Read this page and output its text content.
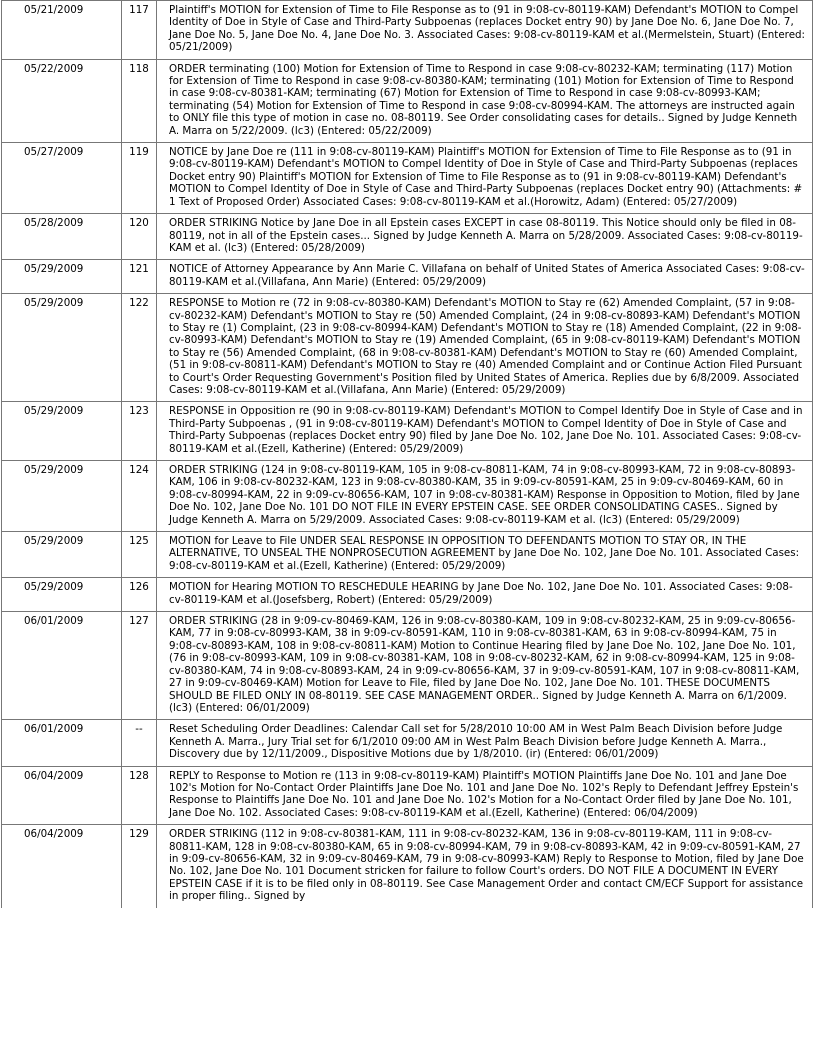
05/21/2009	117	Plaintiff's MOTION for Extension of Time to File Response as to (91 in 9:08-cv-80119-KAM) Defendant's MOTION to Compel Identity of Doe in Style of Case and Third-Party Subpoenas (replaces Docket entry 90) by Jane Doe No. 6, Jane Doe No. 7, Jane Doe No. 5, Jane Doe No. 4, Jane Doe No. 3. Associated Cases: 9:08-cv-80119-KAM et al.(Mermelstein, Stuart) (Entered: 05/21/2009)
05/22/2009	118	ORDER terminating (100) Motion for Extension of Time to Respond in case 9:08-cv-80232-KAM; terminating (117) Motion for Extension of Time to Respond in case 9:08-cv-80380-KAM; terminating (101) Motion for Extension of Time to Respond in case 9:08-cv-80381-KAM; terminating (67) Motion for Extension of Time to Respond in case 9:08-cv-80993-KAM; terminating (54) Motion for Extension of Time to Respond in case 9:08-cv-80994-KAM. The attorneys are instructed again to ONLY file this type of motion in case no. 08-80119. See Order consolidating cases for details.. Signed by Judge Kenneth A. Marra on 5/22/2009. (lc3) (Entered: 05/22/2009)
05/27/2009	119	NOTICE by Jane Doe re (111 in 9:08-cv-80119-KAM) Plaintiff's MOTION for Extension of Time to File Response as to (91 in 9:08-cv-80119-KAM) Defendant's MOTION to Compel Identity of Doe in Style of Case and Third-Party Subpoenas (replaces Docket entry 90) Plaintiff's MOTION for Extension of Time to File Response as to (91 in 9:08-cv-80119-KAM) Defendant's MOTION to Compel Identity of Doe in Style of Case and Third-Party Subpoenas (replaces Docket entry 90) (Attachments: # 1 Text of Proposed Order) Associated Cases: 9:08-cv-80119-KAM et al.(Horowitz, Adam) (Entered: 05/27/2009)
05/28/2009	120	ORDER STRIKING Notice by Jane Doe in all Epstein cases EXCEPT in case 08-80119. This Notice should only be filed in 08-80119, not in all of the Epstein cases... Signed by Judge Kenneth A. Marra on 5/28/2009. Associated Cases: 9:08-cv-80119-KAM et al. (lc3) (Entered: 05/28/2009)
05/29/2009	121	NOTICE of Attorney Appearance by Ann Marie C. Villafana on behalf of United States of America Associated Cases: 9:08-cv-80119-KAM et al.(Villafana, Ann Marie) (Entered: 05/29/2009)
05/29/2009	122	RESPONSE to Motion re (72 in 9:08-cv-80380-KAM) Defendant's MOTION to Stay re (62) Amended Complaint, (57 in 9:08-cv-80232-KAM) Defendant's MOTION to Stay re (50) Amended Complaint, (24 in 9:08-cv-80893-KAM) Defendant's MOTION to Stay re (1) Complaint, (23 in 9:08-cv-80994-KAM) Defendant's MOTION to Stay re (18) Amended Complaint, (22 in 9:08-cv-80993-KAM) Defendant's MOTION to Stay re (19) Amended Complaint, (65 in 9:08-cv-80119-KAM) Defendant's MOTION to Stay re (56) Amended Complaint, (68 in 9:08-cv-80381-KAM) Defendant's MOTION to Stay re (60) Amended Complaint, (51 in 9:08-cv-80811-KAM) Defendant's MOTION to Stay re (40) Amended Complaint and or Continue Action Filed Pursuant to Court's Order Requesting Government's Position filed by United States of America. Replies due by 6/8/2009. Associated Cases: 9:08-cv-80119-KAM et al.(Villafana, Ann Marie) (Entered: 05/29/2009)
05/29/2009	123	RESPONSE in Opposition re (90 in 9:08-cv-80119-KAM) Defendant's MOTION to Compel Identify Doe in Style of Case and in Third-Party Subpoenas , (91 in 9:08-cv-80119-KAM) Defendant's MOTION to Compel Identity of Doe in Style of Case and Third-Party Subpoenas (replaces Docket entry 90) filed by Jane Doe No. 102, Jane Doe No. 101. Associated Cases: 9:08-cv-80119-KAM et al.(Ezell, Katherine) (Entered: 05/29/2009)
05/29/2009	124	ORDER STRIKING (124 in 9:08-cv-80119-KAM, 105 in 9:08-cv-80811-KAM, 74 in 9:08-cv-80993-KAM, 72 in 9:08-cv-80893-KAM, 106 in 9:08-cv-80232-KAM, 123 in 9:08-cv-80380-KAM, 35 in 9:09-cv-80591-KAM, 25 in 9:09-cv-80469-KAM, 60 in 9:08-cv-80994-KAM, 22 in 9:09-cv-80656-KAM, 107 in 9:08-cv-80381-KAM) Response in Opposition to Motion, filed by Jane Doe No. 102, Jane Doe No. 101 DO NOT FILE IN EVERY EPSTEIN CASE. SEE ORDER CONSOLIDATING CASES.. Signed by Judge Kenneth A. Marra on 5/29/2009. Associated Cases: 9:08-cv-80119-KAM et al. (lc3) (Entered: 05/29/2009)
05/29/2009	125	MOTION for Leave to File UNDER SEAL RESPONSE IN OPPOSITION TO DEFENDANTS MOTION TO STAY OR, IN THE ALTERNATIVE, TO UNSEAL THE NONPROSECUTION AGREEMENT by Jane Doe No. 102, Jane Doe No. 101. Associated Cases: 9:08-cv-80119-KAM et al.(Ezell, Katherine) (Entered: 05/29/2009)
05/29/2009	126	MOTION for Hearing MOTION TO RESCHEDULE HEARING by Jane Doe No. 102, Jane Doe No. 101. Associated Cases: 9:08-cv-80119-KAM et al.(Josefsberg, Robert) (Entered: 05/29/2009)
06/01/2009	127	ORDER STRIKING (28 in 9:09-cv-80469-KAM, 126 in 9:08-cv-80380-KAM, 109 in 9:08-cv-80232-KAM, 25 in 9:09-cv-80656-KAM, 77 in 9:08-cv-80993-KAM, 38 in 9:09-cv-80591-KAM, 110 in 9:08-cv-80381-KAM, 63 in 9:08-cv-80994-KAM, 75 in 9:08-cv-80893-KAM, 108 in 9:08-cv-80811-KAM) Motion to Continue Hearing filed by Jane Doe No. 102, Jane Doe No. 101, (76 in 9:08-cv-80993-KAM, 109 in 9:08-cv-80381-KAM, 108 in 9:08-cv-80232-KAM, 62 in 9:08-cv-80994-KAM, 125 in 9:08-cv-80380-KAM, 74 in 9:08-cv-80893-KAM, 24 in 9:09-cv-80656-KAM, 37 in 9:09-cv-80591-KAM, 107 in 9:08-cv-80811-KAM, 27 in 9:09-cv-80469-KAM) Motion for Leave to File, filed by Jane Doe No. 102, Jane Doe No. 101. THESE DOCUMENTS SHOULD BE FILED ONLY IN 08-80119. SEE CASE MANAGEMENT ORDER.. Signed by Judge Kenneth A. Marra on 6/1/2009. (lc3) (Entered: 06/01/2009)
06/01/2009	--	Reset Scheduling Order Deadlines: Calendar Call set for 5/28/2010 10:00 AM in West Palm Beach Division before Judge Kenneth A. Marra., Jury Trial set for 6/1/2010 09:00 AM in West Palm Beach Division before Judge Kenneth A. Marra., Discovery due by 12/11/2009., Dispositive Motions due by 1/8/2010. (ir) (Entered: 06/01/2009)
06/04/2009	128	REPLY to Response to Motion re (113 in 9:08-cv-80119-KAM) Plaintiff's MOTION Plaintiffs Jane Doe No. 101 and Jane Doe 102's Motion for No-Contact Order Plaintiffs Jane Doe No. 101 and Jane Doe No. 102's Reply to Defendant Jeffrey Epstein's Response to Plaintiffs Jane Doe No. 101 and Jane Doe No. 102's Motion for a No-Contact Order filed by Jane Doe No. 101, Jane Doe No. 102. Associated Cases: 9:08-cv-80119-KAM et al.(Ezell, Katherine) (Entered: 06/04/2009)
06/04/2009	129	ORDER STRIKING (112 in 9:08-cv-80381-KAM, 111 in 9:08-cv-80232-KAM, 136 in 9:08-cv-80119-KAM, 111 in 9:08-cv-80811-KAM, 128 in 9:08-cv-80380-KAM, 65 in 9:08-cv-80994-KAM, 79 in 9:08-cv-80893-KAM, 42 in 9:09-cv-80591-KAM, 27 in 9:09-cv-80656-KAM, 32 in 9:09-cv-80469-KAM, 79 in 9:08-cv-80993-KAM) Reply to Response to Motion, filed by Jane Doe No. 102, Jane Doe No. 101 Document stricken for failure to follow Court's orders. DO NOT FILE A DOCUMENT IN EVERY EPSTEIN CASE if it is to be filed only in 08-80119. See Case Management Order and contact CM/ECF Support for assistance in proper filing.. Signed by
